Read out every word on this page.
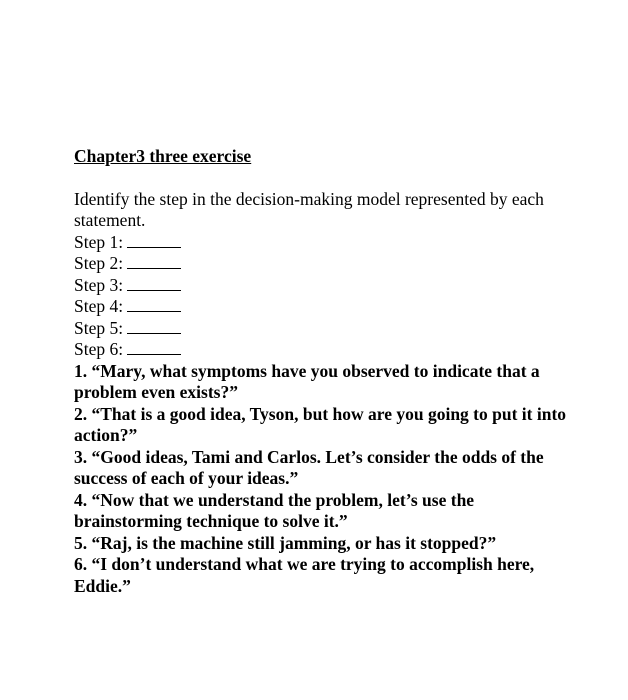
Chapter3 three exercise

Identify the step in the decision-making model represented by each statement.

Step 1:
Step 2:
Step 3:
Step 4:
Step 5:
Step 6:
1. “Mary, what symptoms have you observed to indicate that a problem even exists?”
2. “That is a good idea, Tyson, but how are you going to put it into action?”
3. “Good ideas, Tami and Carlos. Let’s consider the odds of the success of each of your ideas.”
4. “Now that we understand the problem, let’s use the brainstorming technique to solve it.”
5. “Raj, is the machine still jamming, or has it stopped?”
6. “I don’t understand what we are trying to accomplish here, Eddie.”
